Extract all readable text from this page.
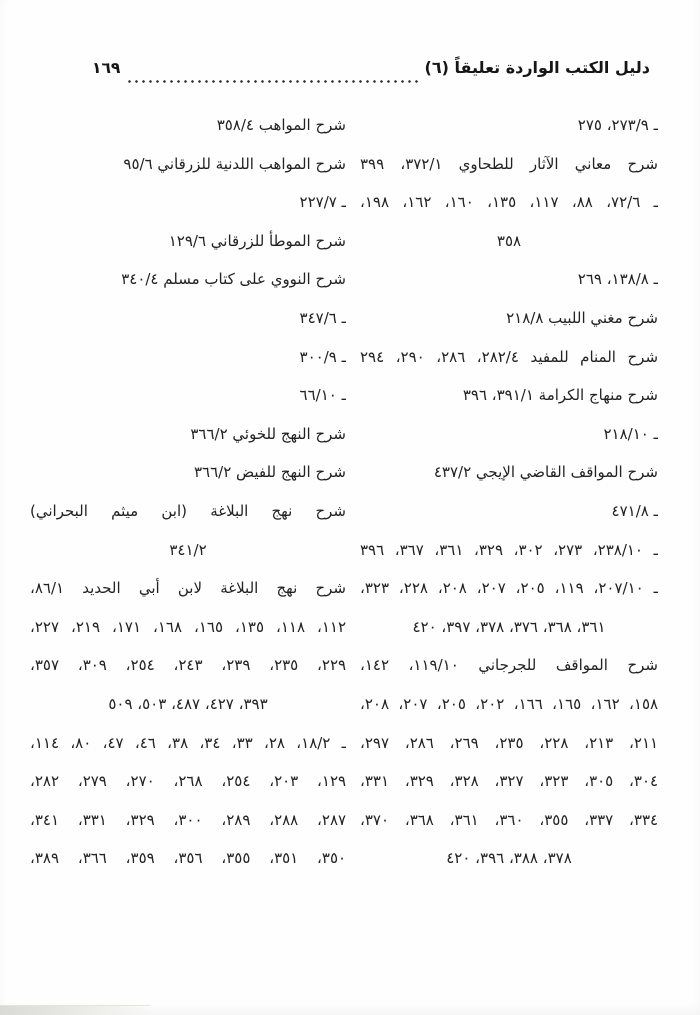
دليل الكتب الواردة تعليقاً (٦)
١٦٩
ـ ٢٧٣/٩، ٢٧٥
شرح معاني الآثار للطحاوي ٣٧٢/١، ٣٩٩
ـ ٧٢/٦، ٨٨، ١١٧، ١٣٥، ١٦٠، ١٦٢، ١٩٨،
٣٥٨
ـ ١٣٨/٨، ٢٦٩
شرح مغني اللبيب ٢١٨/٨
شرح المنام للمفيد ٢٨٢/٤، ٢٨٦، ٢٩٠، ٢٩٤
شرح منهاج الكرامة ٣٩١/١، ٣٩٦
ـ ٢١٨/١٠
شرح المواقف القاضي الإيجي ٤٣٧/٢
ـ ٤٧١/٨
ـ ٢٣٨/١٠، ٢٧٣، ٣٠٢، ٣٢٩، ٣٦١، ٣٦٧، ٣٩٦
ـ ٢٠٧/١٠، ١١٩، ٢٠٥، ٢٠٧، ٢٠٨، ٢٢٨، ٣٢٣،
٣٦١، ٣٦٨، ٣٧٦، ٣٧٨، ٣٩٧، ٤٢٠
شرح المواقف للجرجاني ١١٩/١٠، ١٤٢،
١٥٨، ١٦٢، ١٦٥، ١٦٦، ٢٠٢، ٢٠٥، ٢٠٧، ٢٠٨،
٢١١، ٢١٣، ٢٢٨، ٢٣٥، ٢٦٩، ٢٨٦، ٢٩٧،
٣٠٤، ٣٠٥، ٣٢٣، ٣٢٧، ٣٢٨، ٣٢٩، ٣٣١،
٣٣٤، ٣٣٧، ٣٥٥، ٣٦٠، ٣٦١، ٣٦٨، ٣٧٠،
٣٧٨، ٣٨٨، ٣٩٦، ٤٢٠
شرح المواهب ٣٥٨/٤
شرح المواهب اللدنية للزرقاني ٩٥/٦
ـ ٢٢٧/٧
شرح الموطأ للزرقاني ١٢٩/٦
شرح النووي على كتاب مسلم ٣٤٠/٤
ـ ٣٤٧/٦
ـ ٣٠٠/٩
ـ ٦٦/١٠
شرح النهج للخوئي ٣٦٦/٢
شرح النهج للفيض ٣٦٦/٢
شرح نهج البلاغة (ابن ميثم البحراني)
٣٤١/٢
شرح نهج البلاغة لابن أبي الحديد ٨٦/١،
١١٢، ١١٨، ١٣٥، ١٦٥، ١٦٨، ١٧١، ٢١٩، ٢٢٧،
٢٢٩، ٢٣٥، ٢٣٩، ٢٤٣، ٢٥٤، ٣٠٩، ٣٥٧،
٣٩٣، ٤٢٧، ٤٨٧، ٥٠٣، ٥٠٩
ـ ١٨/٢، ٢٨، ٣٣، ٣٤، ٣٨، ٤٦، ٤٧، ٨٠، ١١٤،
١٢٩، ٢٠٣، ٢٥٤، ٢٦٨، ٢٧٠، ٢٧٩، ٢٨٢،
٢٨٧، ٢٨٨، ٢٨٩، ٣٠٠، ٣٢٩، ٣٣١، ٣٤١،
٣٥٠، ٣٥١، ٣٥٥، ٣٥٦، ٣٥٩، ٣٦٦، ٣٨٩،
